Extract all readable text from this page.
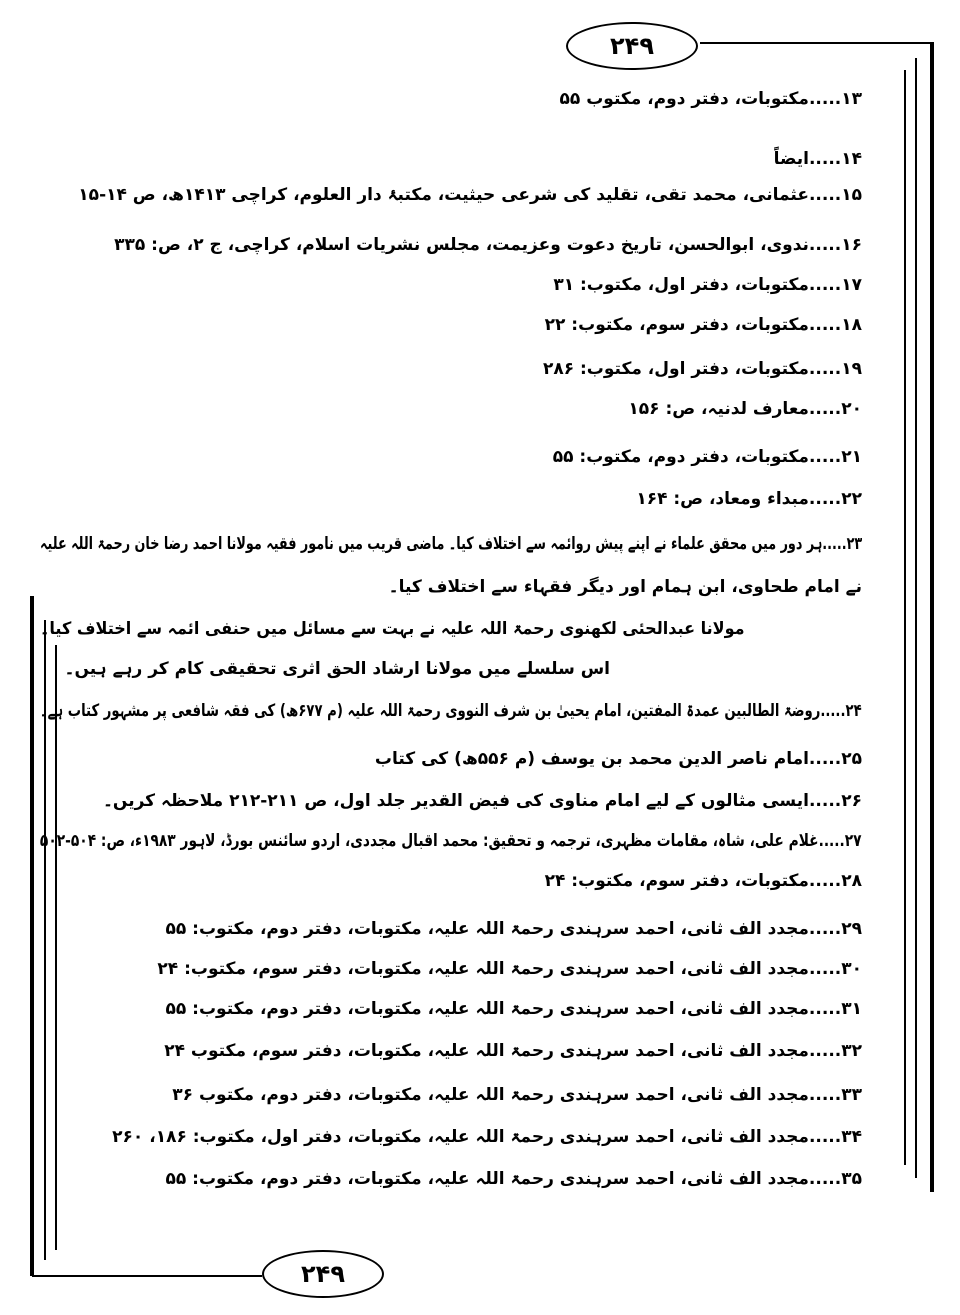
۲۴۹
۲۴۹
۱۳.....مکتوبات، دفتر دوم، مکتوب ۵۵
۱۴.....ایضاً
۱۵.....عثمانی، محمد تقی، تقلید کی شرعی حیثیت، مکتبۂ دار العلوم، کراچی ۱۴۱۳ھ، ص ۱۴-۱۵
۱۶.....ندوی، ابوالحسن، تاریخ دعوت وعزیمت، مجلس نشریات اسلام، کراچی، ج ۲، ص: ۳۳۵
۱۷.....مکتوبات، دفتر اول، مکتوب: ۳۱
۱۸.....مکتوبات، دفتر سوم، مکتوب: ۲۲
۱۹.....مکتوبات، دفتر اول، مکتوب: ۲۸۶
۲۰.....معارف لدنیہ، ص: ۱۵۶
۲۱.....مکتوبات، دفتر دوم، مکتوب: ۵۵
۲۲.....مبداء ومعاد، ص: ۱۶۴
۲۳.....ہر دور میں محقق علماء نے اپنے پیش روائمہ سے اختلاف کیا۔ ماضی قریب میں نامور فقیہ مولانا احمد رضا خان رحمۃ اللہ علیہ
نے امام طحاوی، ابن ہمام اور دیگر فقہاء سے اختلاف کیا۔
مولانا عبدالحئی لکھنوی رحمۃ اللہ علیہ نے بہت سے مسائل میں حنفی ائمہ سے اختلاف کیا۔
اس سلسلے میں مولانا ارشاد الحق اثری تحقیقی کام کر رہے ہیں۔
۲۴.....روضۃ الطالبین عمدۃ المفتین، امام یحییٰ بن شرف النووی رحمۃ اللہ علیہ (م ۶۷۷ھ) کی فقہ شافعی پر مشہور کتاب ہے۔
۲۵.....امام ناصر الدین محمد بن یوسف (م ۵۵۶ھ) کی کتاب
۲۶.....ایسی مثالوں کے لیے امام مناوی کی فیض القدیر جلد اول، ص ۲۱۱-۲۱۲ ملاحظہ کریں۔
۲۷.....غلام علی، شاہ، مقامات مظہری، ترجمہ و تحقیق: محمد اقبال مجددی، اردو سائنس بورڈ، لاہور ۱۹۸۳ء، ص: ۵۰۴-۵۰۲
۲۸.....مکتوبات، دفتر سوم، مکتوب: ۲۴
۲۹.....مجدد الف ثانی، احمد سرہندی رحمۃ اللہ علیہ، مکتوبات، دفتر دوم، مکتوب: ۵۵
۳۰.....مجدد الف ثانی، احمد سرہندی رحمۃ اللہ علیہ، مکتوبات، دفتر سوم، مکتوب: ۲۴
۳۱.....مجدد الف ثانی، احمد سرہندی رحمۃ اللہ علیہ، مکتوبات، دفتر دوم، مکتوب: ۵۵
۳۲.....مجدد الف ثانی، احمد سرہندی رحمۃ اللہ علیہ، مکتوبات، دفتر سوم، مکتوب ۲۴
۳۳.....مجدد الف ثانی، احمد سرہندی رحمۃ اللہ علیہ، مکتوبات، دفتر دوم، مکتوب ۳۶
۳۴.....مجدد الف ثانی، احمد سرہندی رحمۃ اللہ علیہ، مکتوبات، دفتر اول، مکتوب: ۱۸۶، ۲۶۰
۳۵.....مجدد الف ثانی، احمد سرہندی رحمۃ اللہ علیہ، مکتوبات، دفتر دوم، مکتوب: ۵۵
